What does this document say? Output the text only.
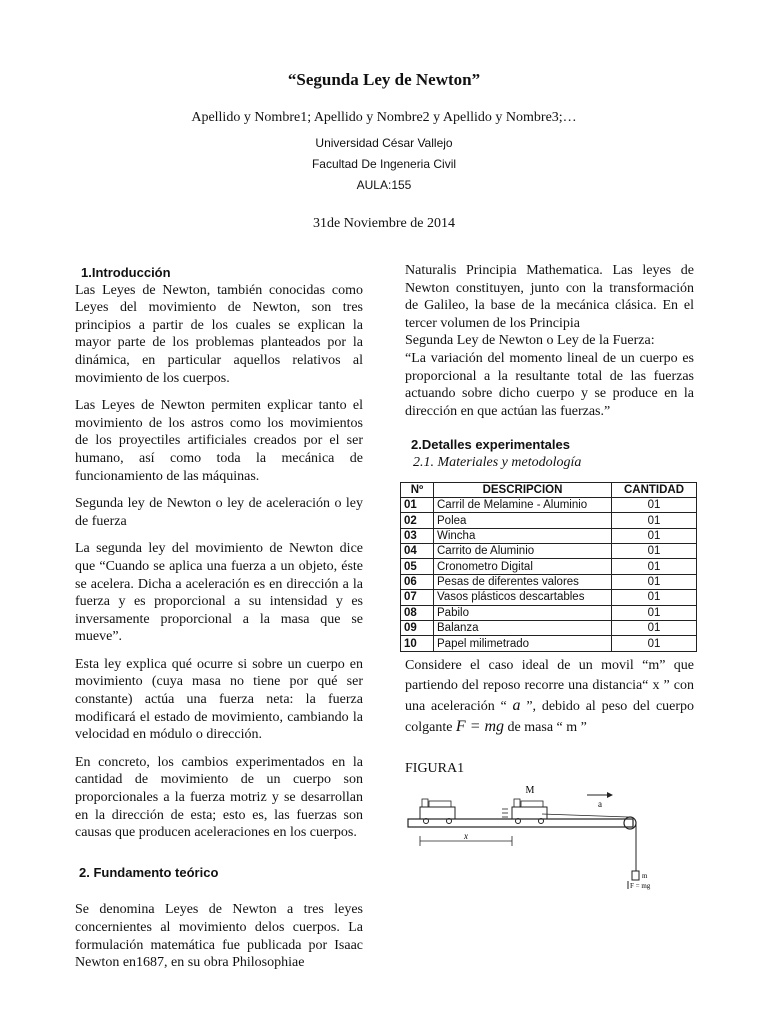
“Segunda Ley de Newton”
Apellido y Nombre1; Apellido y Nombre2 y Apellido y Nombre3;…
Universidad César Vallejo
Facultad De Ingeneria Civil
AULA:155
31de Noviembre de 2014
1.Introducción

Las Leyes de Newton, también conocidas como Leyes del movimiento de Newton, son tres principios a partir de los cuales se explican la mayor parte de los problemas planteados por la dinámica, en particular aquellos relativos al movimiento de los cuerpos.

Las Leyes de Newton permiten explicar tanto el movimiento de los astros como los movimientos de los proyectiles artificiales creados por el ser humano, así como toda la mecánica de funcionamiento de las máquinas.

Segunda ley de Newton o ley de aceleración o ley de fuerza

La segunda ley del movimiento de Newton dice que “Cuando se aplica una fuerza a un objeto, éste se acelera. Dicha a aceleración es en dirección a la fuerza y es proporcional a su intensidad y es inversamente proporcional a la masa que se mueve”.

Esta ley explica qué ocurre si sobre un cuerpo en movimiento (cuya masa no tiene por qué ser constante) actúa una fuerza neta: la fuerza modificará el estado de movimiento, cambiando la velocidad en módulo o dirección.

En concreto, los cambios experimentados en la cantidad de movimiento de un cuerpo son proporcionales a la fuerza motriz y se desarrollan en la dirección de esta; esto es, las fuerzas son causas que producen aceleraciones en los cuerpos.

2. Fundamento teórico

Se denomina Leyes de Newton a tres leyes concernientes al movimiento delos cuerpos. La formulación matemática fue publicada por Isaac Newton en1687, en su obra Philosophiae

Naturalis Principia Mathematica. Las leyes de Newton constituyen, junto con la transformación de Galileo, la base de la mecánica clásica. En el tercer volumen de los Principia
Segunda Ley de Newton o Ley de la Fuerza:

“La variación del momento lineal de un cuerpo es proporcional a la resultante total de las fuerzas actuando sobre dicho cuerpo y se produce en la dirección en que actúan las fuerzas.”

2.Detalles experimentales
2.1. Materiales y metodología
Nº	DESCRIPCION	CANTIDAD
01	Carril de Melamine - Aluminio	01
02	Polea	01
03	Wincha	01
04	Carrito de Aluminio	01
05	Cronometro Digital	01
06	Pesas de diferentes valores	01
07	Vasos plásticos descartables	01
08	Pabilo	01
09	Balanza	01
10	Papel milimetrado	01
Considere el caso ideal de un movil “m” que partiendo del reposo recorre una distancia“ x ” con una aceleración “ a ”, debido al peso del cuerpo colgante F = mg de masa “ m ”
FIGURA1
M
a
x
m
F = mg
